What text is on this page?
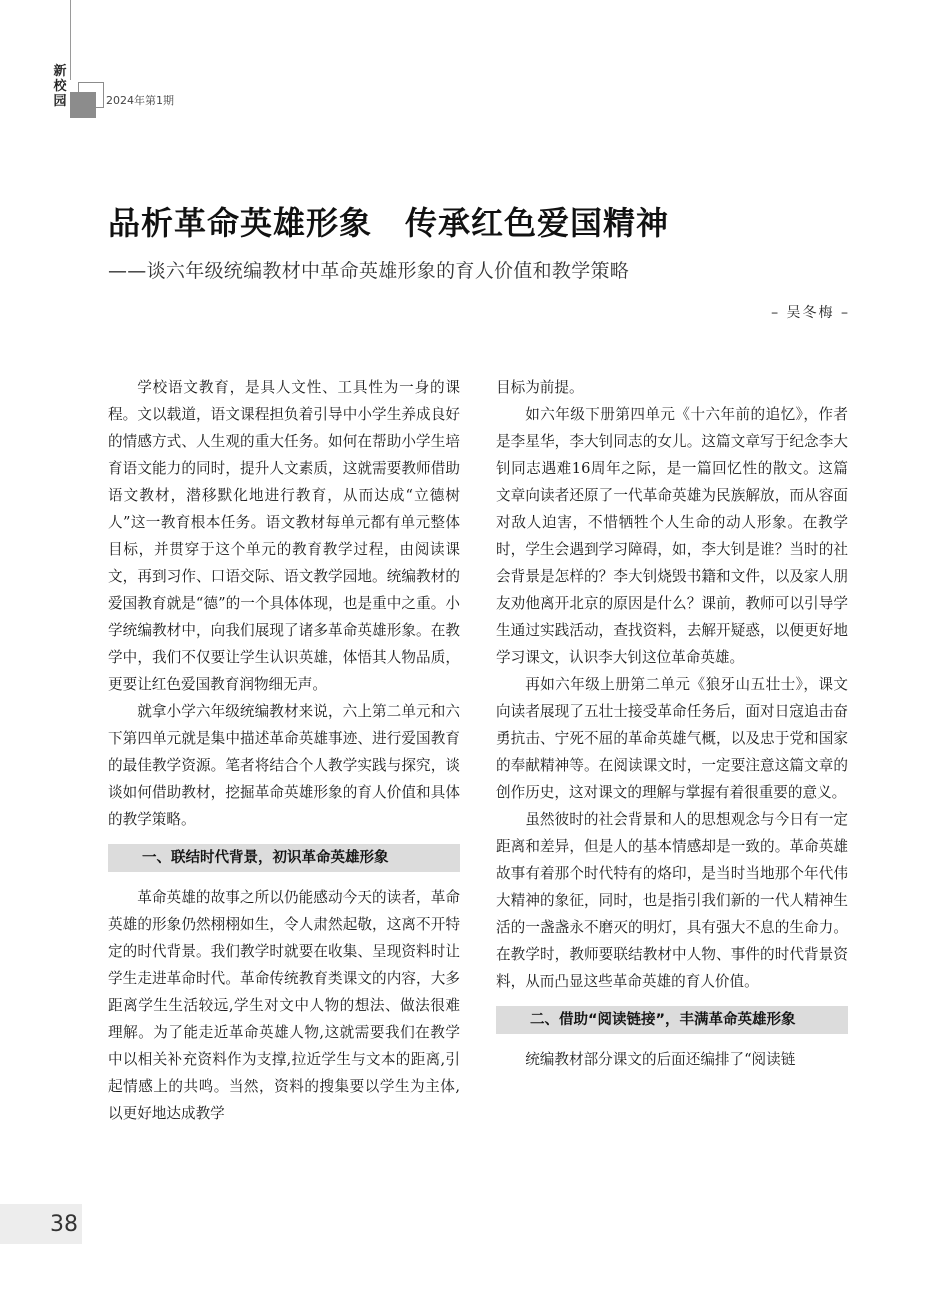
新
校
园	2024年第1期
品析革命英雄形象　传承红色爱国精神
——谈六年级统编教材中革命英雄形象的育人价值和教学策略
– 吴冬梅 –

学校语文教育，是具人文性、工具性为一身的课程。文以载道，语文课程担负着引导中小学生养成良好的情感方式、人生观的重大任务。如何在帮助小学生培育语文能力的同时，提升人文素质，这就需要教师借助语文教材，潜移默化地进行教育，从而达成“立德树人”这一教育根本任务。语文教材每单元都有单元整体目标，并贯穿于这个单元的教育教学过程，由阅读课文，再到习作、口语交际、语文教学园地。统编教材的爱国教育就是“德”的一个具体体现，也是重中之重。小学统编教材中，向我们展现了诸多革命英雄形象。在教学中，我们不仅要让学生认识英雄，体悟其人物品质，更要让红色爱国教育润物细无声。

就拿小学六年级统编教材来说，六上第二单元和六下第四单元就是集中描述革命英雄事迹、进行爱国教育的最佳教学资源。笔者将结合个人教学实践与探究，谈谈如何借助教材，挖掘革命英雄形象的育人价值和具体的教学策略。

一、联结时代背景，初识革命英雄形象

革命英雄的故事之所以仍能感动今天的读者，革命英雄的形象仍然栩栩如生，令人肃然起敬，这离不开特定的时代背景。我们教学时就要在收集、呈现资料时让学生走进革命时代。革命传统教育类课文的内容，大多距离学生生活较远,学生对文中人物的想法、做法很难理解。为了能走近革命英雄人物,这就需要我们在教学中以相关补充资料作为支撑,拉近学生与文本的距离,引起情感上的共鸣。当然，资料的搜集要以学生为主体,以更好地达成教学

目标为前提。

如六年级下册第四单元《十六年前的追忆》，作者是李星华，李大钊同志的女儿。这篇文章写于纪念李大钊同志遇难16周年之际，是一篇回忆性的散文。这篇文章向读者还原了一代革命英雄为民族解放，而从容面对敌人迫害，不惜牺牲个人生命的动人形象。在教学时，学生会遇到学习障碍，如，李大钊是谁？当时的社会背景是怎样的？李大钊烧毁书籍和文件，以及家人朋友劝他离开北京的原因是什么？课前，教师可以引导学生通过实践活动，查找资料，去解开疑惑，以便更好地学习课文，认识李大钊这位革命英雄。

再如六年级上册第二单元《狼牙山五壮士》，课文向读者展现了五壮士接受革命任务后，面对日寇追击奋勇抗击、宁死不屈的革命英雄气概，以及忠于党和国家的奉献精神等。在阅读课文时，一定要注意这篇文章的创作历史，这对课文的理解与掌握有着很重要的意义。

虽然彼时的社会背景和人的思想观念与今日有一定距离和差异，但是人的基本情感却是一致的。革命英雄故事有着那个时代特有的烙印，是当时当地那个年代伟大精神的象征，同时，也是指引我们新的一代人精神生活的一盏盏永不磨灭的明灯，具有强大不息的生命力。在教学时，教师要联结教材中人物、事件的时代背景资料，从而凸显这些革命英雄的育人价值。

二、借助“阅读链接”，丰满革命英雄形象

统编教材部分课文的后面还编排了“阅读链

38
